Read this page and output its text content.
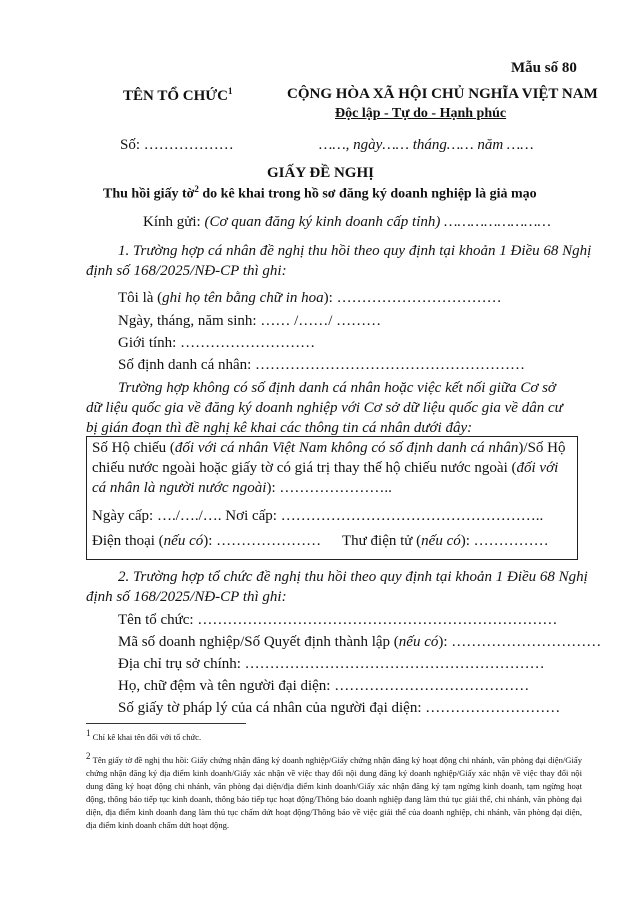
Mẫu số 80
TÊN TỔ CHỨC$^1$	CỘNG HÒA XÃ HỘI CHỦ NGHĨA VIỆT NAM
Độc lập - Tự do - Hạnh phúc
Số: ………………	……, ngày…… tháng…… năm ……
GIẤY ĐỀ NGHỊ
Thu hồi giấy tờ$^2$ do kê khai trong hồ sơ đăng ký doanh nghiệp là giả mạo
Kính gửi: (Cơ quan đăng ký kinh doanh cấp tỉnh) ……………………
1. Trường hợp cá nhân đề nghị thu hồi theo quy định tại khoản 1 Điều 68 Nghị
định số 168/2025/NĐ-CP thì ghi:
Tôi là (ghi họ tên bằng chữ in hoa): ……………………………
Ngày, tháng, năm sinh: …… /……/ ………
Giới tính: ………………………
Số định danh cá nhân: ………………………………………………
Trường hợp không có số định danh cá nhân hoặc việc kết nối giữa Cơ sở
dữ liệu quốc gia về đăng ký doanh nghiệp với Cơ sở dữ liệu quốc gia về dân cư
bị gián đoạn thì đề nghị kê khai các thông tin cá nhân dưới đây:
Số Hộ chiếu (đối với cá nhân Việt Nam không có số định danh cá nhân)/Số Hộ
chiếu nước ngoài hoặc giấy tờ có giá trị thay thế hộ chiếu nước ngoài (đối với
cá nhân là người nước ngoài): …………………..
Ngày cấp: …./…./…. Nơi cấp: ……………………………………………..
Điện thoại (nếu có): ………………… Thư điện tử (nếu có): ……………
2. Trường hợp tổ chức đề nghị thu hồi theo quy định tại khoản 1 Điều 68 Nghị
định số 168/2025/NĐ-CP thì ghi:
Tên tổ chức: ………………………………………………………………
Mã số doanh nghiệp/Số Quyết định thành lập (nếu có): …………………………
Địa chỉ trụ sở chính: ……………………………………………………
Họ, chữ đệm và tên người đại diện: …………………………………
Số giấy tờ pháp lý của cá nhân của người đại diện: ………………………
$^1$ Chỉ kê khai tên đối với tổ chức.
$^2$ Tên giấy tờ đề nghị thu hồi: Giấy chứng nhận đăng ký doanh nghiệp/Giấy chứng nhận đăng ký hoạt động chi nhánh, văn phòng đại diện/Giấy chứng nhận đăng ký địa điểm kinh doanh/Giấy xác nhận về việc thay đổi nội dung đăng ký doanh nghiệp/Giấy xác nhận về việc thay đổi nội dung đăng ký hoạt động chi nhánh, văn phòng đại diện/địa điểm kinh doanh/Giấy xác nhận đăng ký tạm ngừng kinh doanh, tạm ngừng hoạt động, thông báo tiếp tục kinh doanh, thông báo tiếp tục hoạt động/Thông báo doanh nghiệp đang làm thủ tục giải thể, chi nhánh, văn phòng đại diện, địa điểm kinh doanh đang làm thủ tục chấm dứt hoạt động/Thông báo về việc giải thể của doanh nghiệp, chi nhánh, văn phòng đại diện, địa điểm kinh doanh chấm dứt hoạt động.
